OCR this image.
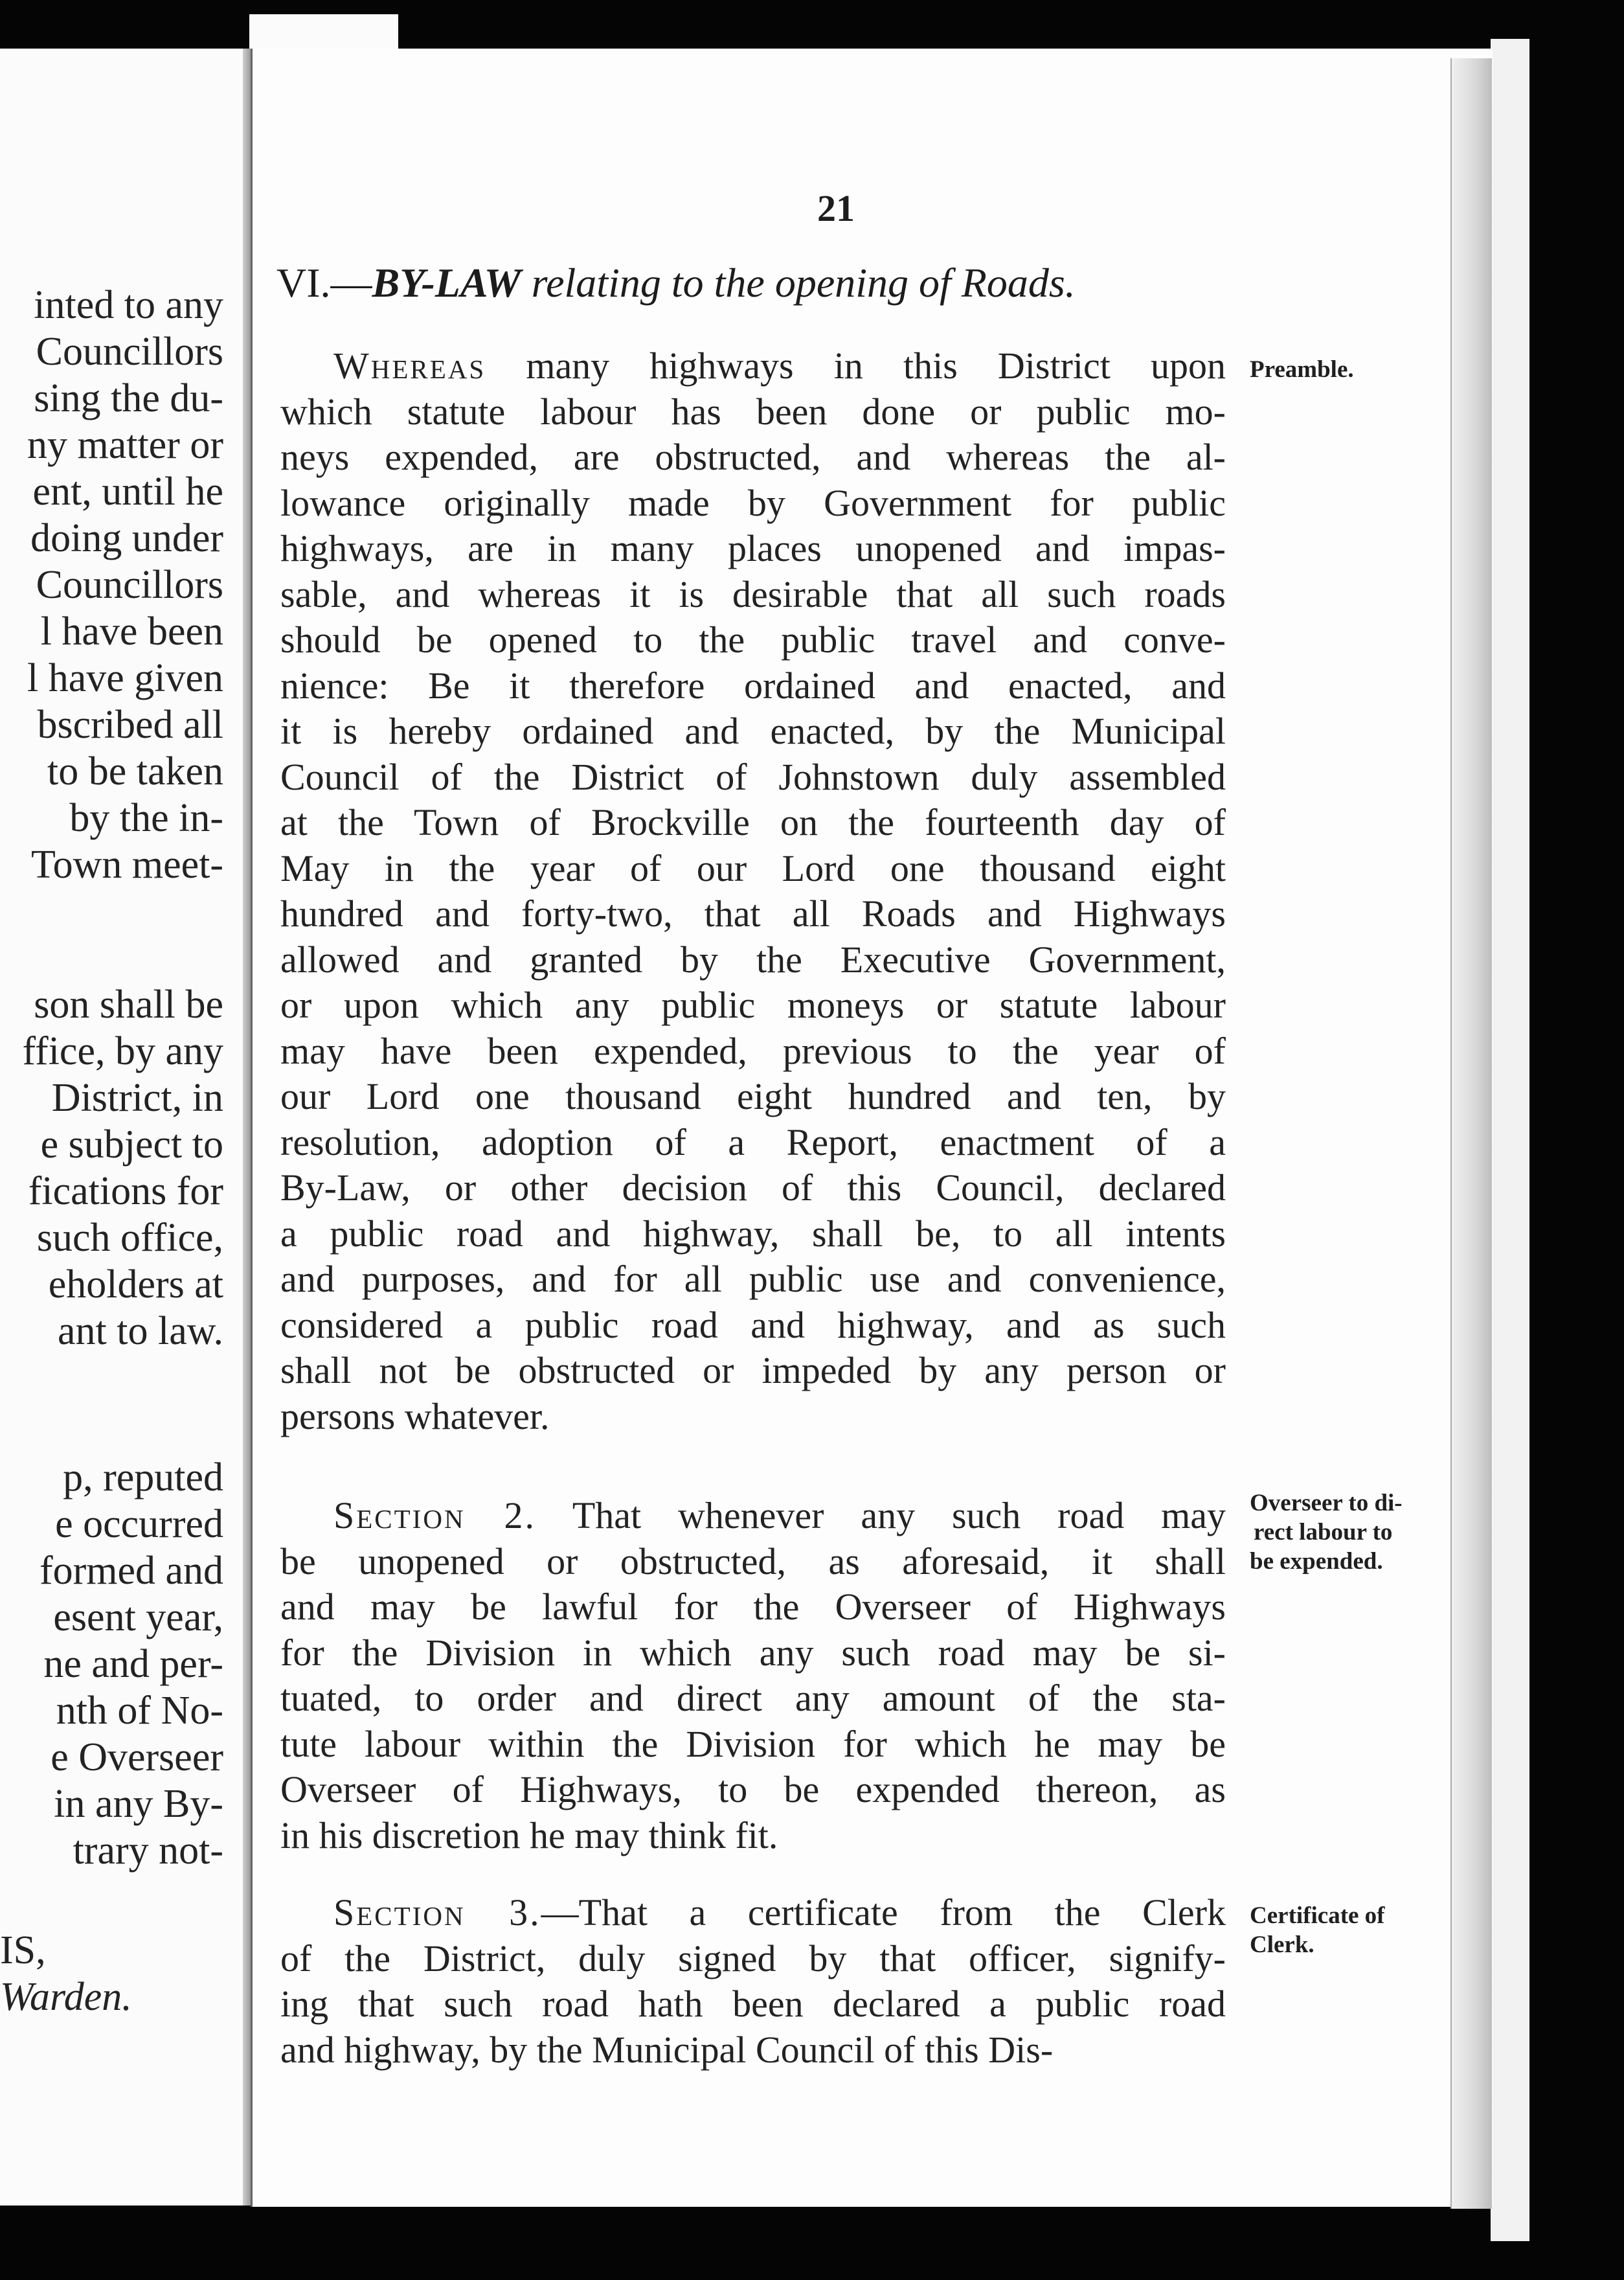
inted to any
Councillors
sing the du-
ny matter or
ent, until he
doing under
Councillors
l have been
l have given
bscribed all
to be taken
by the in-
Town meet-
son shall be
ffice, by any
District, in
e subject to
fications for
such office,
eholders at
ant to law.
p, reputed
e occurred
formed and
esent year,
ne and per-
nth of No-
e Overseer
in any By-
trary not-
IS,
Warden.
21
VI.—BY-LAW relating to the opening of Roads.
Whereas many highways in this District upon
which statute labour has been done or public mo-
neys expended, are obstructed, and whereas the al-
lowance originally made by Government for public
highways, are in many places unopened and impas-
sable, and whereas it is desirable that all such roads
should be opened to the public travel and conve-
nience: Be it therefore ordained and enacted, and
it is hereby ordained and enacted, by the Municipal
Council of the District of Johnstown duly assembled
at the Town of Brockville on the fourteenth day of
May in the year of our Lord one thousand eight
hundred and forty-two, that all Roads and Highways
allowed and granted by the Executive Government,
or upon which any public moneys or statute labour
may have been expended, previous to the year of
our Lord one thousand eight hundred and ten, by
resolution, adoption of a Report, enactment of a
By-Law, or other decision of this Council, declared
a public road and highway, shall be, to all intents
and purposes, and for all public use and convenience,
considered a public road and highway, and as such
shall not be obstructed or impeded by any person or
persons whatever.
Preamble.
Section 2. That whenever any such road may
be unopened or obstructed, as aforesaid, it shall
and may be lawful for the Overseer of Highways
for the Division in which any such road may be si-
tuated, to order and direct any amount of the sta-
tute labour within the Division for which he may be
Overseer of Highways, to be expended thereon, as
in his discretion he may think fit.
Overseer to di-
rect labour to
be expended.
Section 3.—That a certificate from the Clerk
of the District, duly signed by that officer, signify-
ing that such road hath been declared a public road
and highway, by the Municipal Council of this Dis-
Certificate of
Clerk.
